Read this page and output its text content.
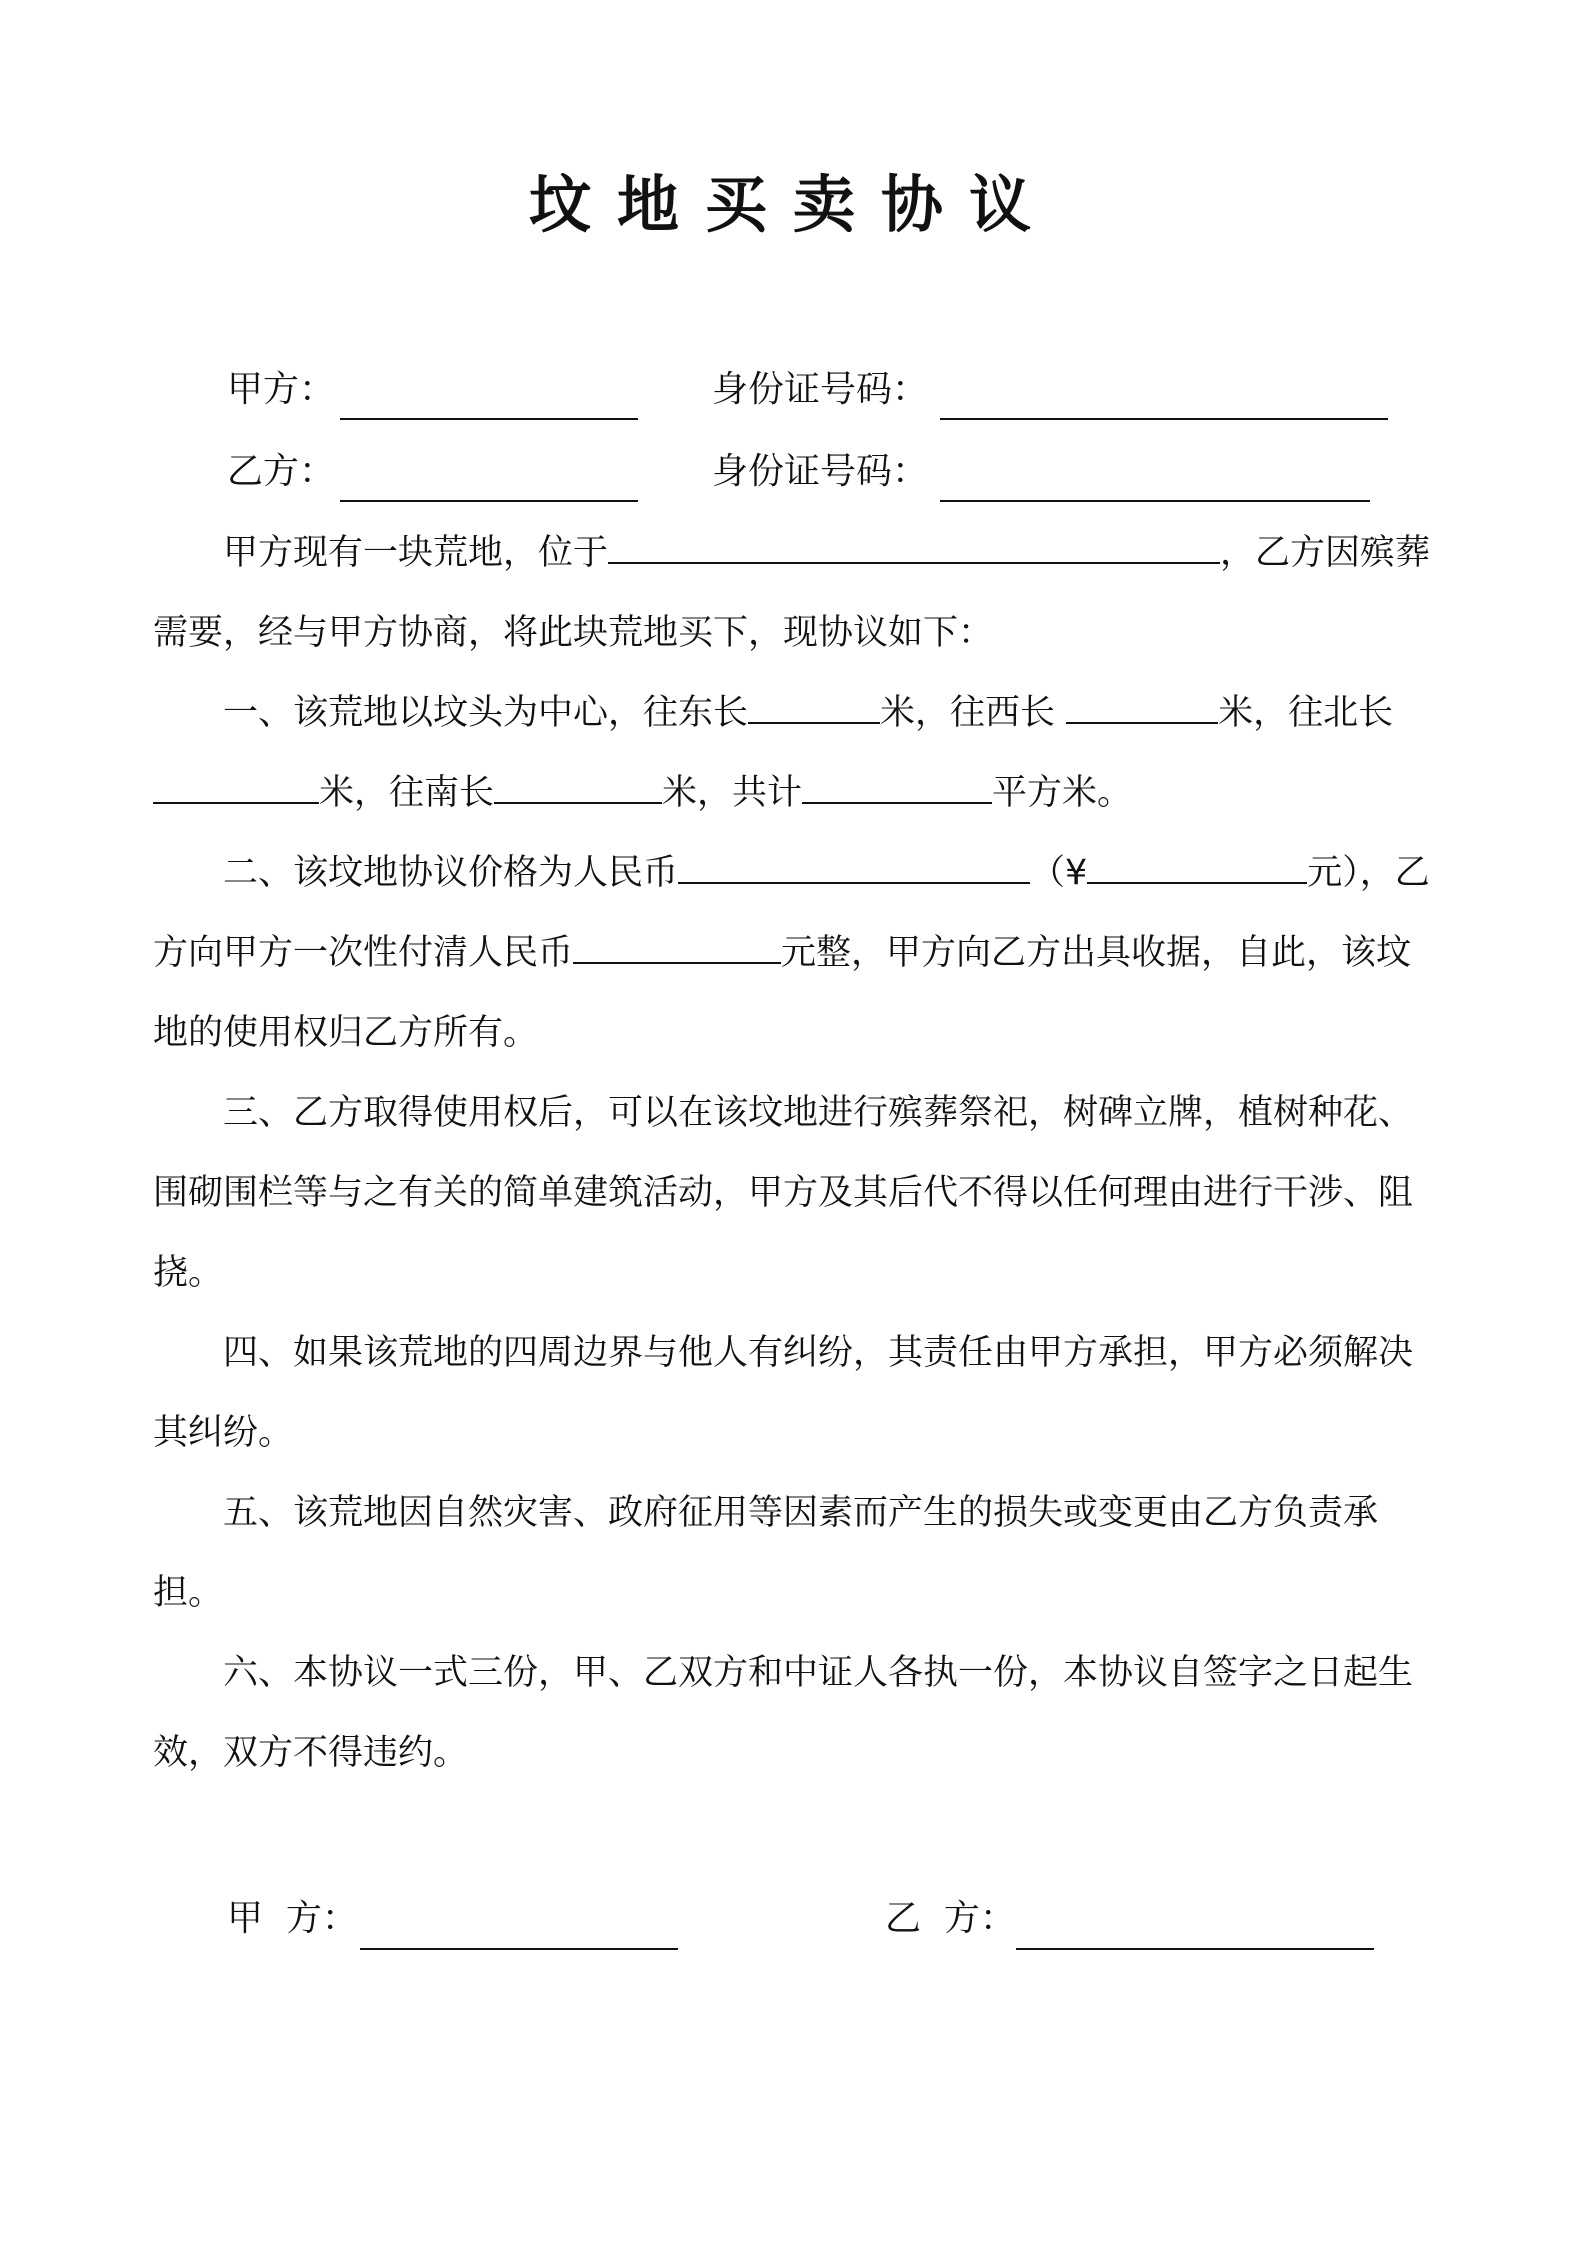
坟地买卖协议
甲方：	身份证号码：
乙方：	身份证号码：

甲方现有一块荒地，位于	，乙方因殡葬需要，经与甲方协商，将此块荒地买下，现协议如下：

一、该荒地以坟头为中心，往东长	米，往西长	米，往北长米，往南长	米，共计	平方米。

二、该坟地协议价格为人民币	（¥	元），乙方向甲方一次性付清人民币	元整，甲方向乙方出具收据，自此，该坟地的使用权归乙方所有。

三、乙方取得使用权后，可以在该坟地进行殡葬祭祀，树碑立牌，植树种花、围砌围栏等与之有关的简单建筑活动，甲方及其后代不得以任何理由进行干涉、阻挠。

四、如果该荒地的四周边界与他人有纠纷，其责任由甲方承担，甲方必须解决其纠纷。

五、该荒地因自然灾害、政府征用等因素而产生的损失或变更由乙方负责承担。

六、本协议一式三份，甲、乙双方和中证人各执一份，本协议自签字之日起生效，双方不得违约。

甲  方：	乙  方：
